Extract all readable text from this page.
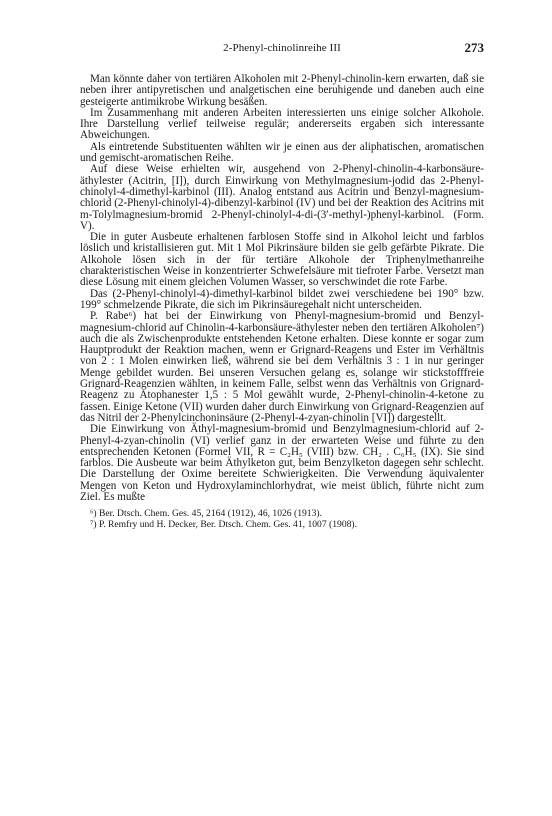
2-Phenyl-chinolinreihe III	273

Man könnte daher von tertiären Alkoholen mit 2-Phenyl-chinolin-kern erwarten, daß sie neben ihrer antipyretischen und analgetischen eine beruhigende und daneben auch eine gesteigerte antimikrobe Wirkung besäßen.

Im Zusammenhang mit anderen Arbeiten interessierten uns einige solcher Alkohole. Ihre Darstellung verlief teilweise regulär; andererseits ergaben sich interessante Abweichungen.

Als eintretende Substituenten wählten wir je einen aus der aliphatischen, aromatischen und gemischt-aromatischen Reihe.

Auf diese Weise erhielten wir, ausgehend von 2-Phenyl-chinolin-4-karbonsäure-äthylester (Acitrin, [I]), durch Einwirkung von Methylmagnesium-jodid das 2-Phenyl-chinolyl-4-dimethyl-karbinol (III). Analog entstand aus Acitrin und Benzyl-magnesium-chlorid (2-Phenyl-chinolyl-4)-dibenzyl-karbinol (IV) und bei der Reaktion des Acitrins mit m-Tolylmagnesium-bromid 2-Phenyl-chinolyl-4-di-(3′-methyl-)phenyl-karbinol. (Form. V).

Die in guter Ausbeute erhaltenen farblosen Stoffe sind in Alkohol leicht und farblos löslich und kristallisieren gut. Mit 1 Mol Pikrinsäure bilden sie gelb gefärbte Pikrate. Die Alkohole lösen sich in der für tertiäre Alkohole der Triphenylmethanreihe charakteristischen Weise in konzentrierter Schwefelsäure mit tiefroter Farbe. Versetzt man diese Lösung mit einem gleichen Volumen Wasser, so verschwindet die rote Farbe.

Das (2-Phenyl-chinolyl-4)-dimethyl-karbinol bildet zwei verschiedene bei 190° bzw. 199° schmelzende Pikrate, die sich im Pikrinsäuregehalt nicht unterscheiden.

P. Rabe⁶) hat bei der Einwirkung von Phenyl-magnesium-bromid und Benzyl-magnesium-chlorid auf Chinolin-4-karbonsäure-äthylester neben den tertiären Alkoholen⁷) auch die als Zwischenprodukte entstehenden Ketone erhalten. Diese konnte er sogar zum Hauptprodukt der Reaktion machen, wenn er Grignard-Reagens und Ester im Verhältnis von 2 : 1 Molen einwirken ließ, während sie bei dem Verhältnis 3 : 1 in nur geringer Menge gebildet wurden. Bei unseren Versuchen gelang es, solange wir stickstofffreie Grignard-Reagenzien wählten, in keinem Falle, selbst wenn das Verhältnis von Grignard-Reagenz zu Atophanester 1,5 : 5 Mol gewählt wurde, 2-Phenyl-chinolin-4-ketone zu fassen. Einige Ketone (VII) wurden daher durch Einwirkung von Grignard-Reagenzien auf das Nitril der 2-Phenylcinchoninsäure (2-Phenyl-4-zyan-chinolin [VI]) dargestellt.

Die Einwirkung von Äthyl-magnesium-bromid und Benzylmagnesium-chlorid auf 2-Phenyl-4-zyan-chinolin (VI) verlief ganz in der erwarteten Weise und führte zu den entsprechenden Ketonen (Formel VII, R = C₂H₅ (VIII) bzw. CH₂ . C₆H₅ (IX). Sie sind farblos. Die Ausbeute war beim Äthylketon gut, beim Benzylketon dagegen sehr schlecht. Die Darstellung der Oxime bereitete Schwierigkeiten. Die Verwendung äquivalenter Mengen von Keton und Hydroxylaminchlorhydrat, wie meist üblich, führte nicht zum Ziel. Es mußte

⁶) Ber. Dtsch. Chem. Ges. 45, 2164 (1912), 46, 1026 (1913).

⁷) P. Remfry und H. Decker, Ber. Dtsch. Chem. Ges. 41, 1007 (1908).
